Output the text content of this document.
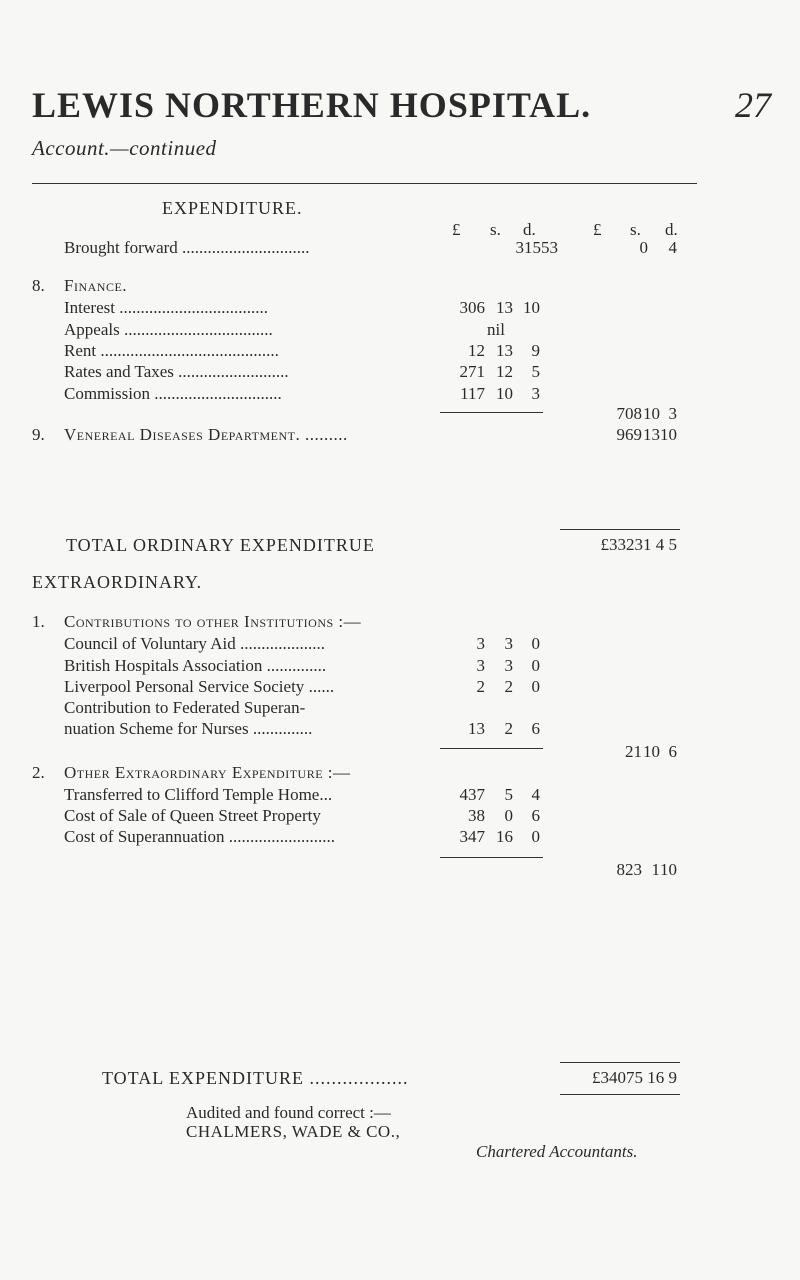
LEWIS NORTHERN HOSPITAL.	27
Account.—continued
EXPENDITURE.
£ s. d.	£ s. d.
Brought forward ..............................	31553	0 4
8. Finance.
Interest ...................................	306 13 10
Appeals ...................................	nil
Rent ..........................................	12 13 9
Rates and Taxes ..........................	271 12 5
Commission ..............................	117 10 3
708 10 3
9. Venereal Diseases Department. .........	969 13 10
TOTAL ORDINARY EXPENDITRUE	£33231 4 5
EXTRAORDINARY.
1. Contributions to other Institutions :—
Council of Voluntary Aid ....................	3 3 0
British Hospitals Association ..............	3 3 0
Liverpool Personal Service Society ......	2 2 0
Contribution to Federated Superan-
nuation Scheme for Nurses ..............	13 2 6
21 10 6
2. Other Extraordinary Expenditure :—
Transferred to Clifford Temple Home...	437 5 4
Cost of Sale of Queen Street Property	38 0 6
Cost of Superannuation .........................	347 16 0
823 1 10
TOTAL EXPENDITURE ..................	£34075 16 9
Audited and found correct :—
CHALMERS, WADE & CO.,
Chartered Accountants.
